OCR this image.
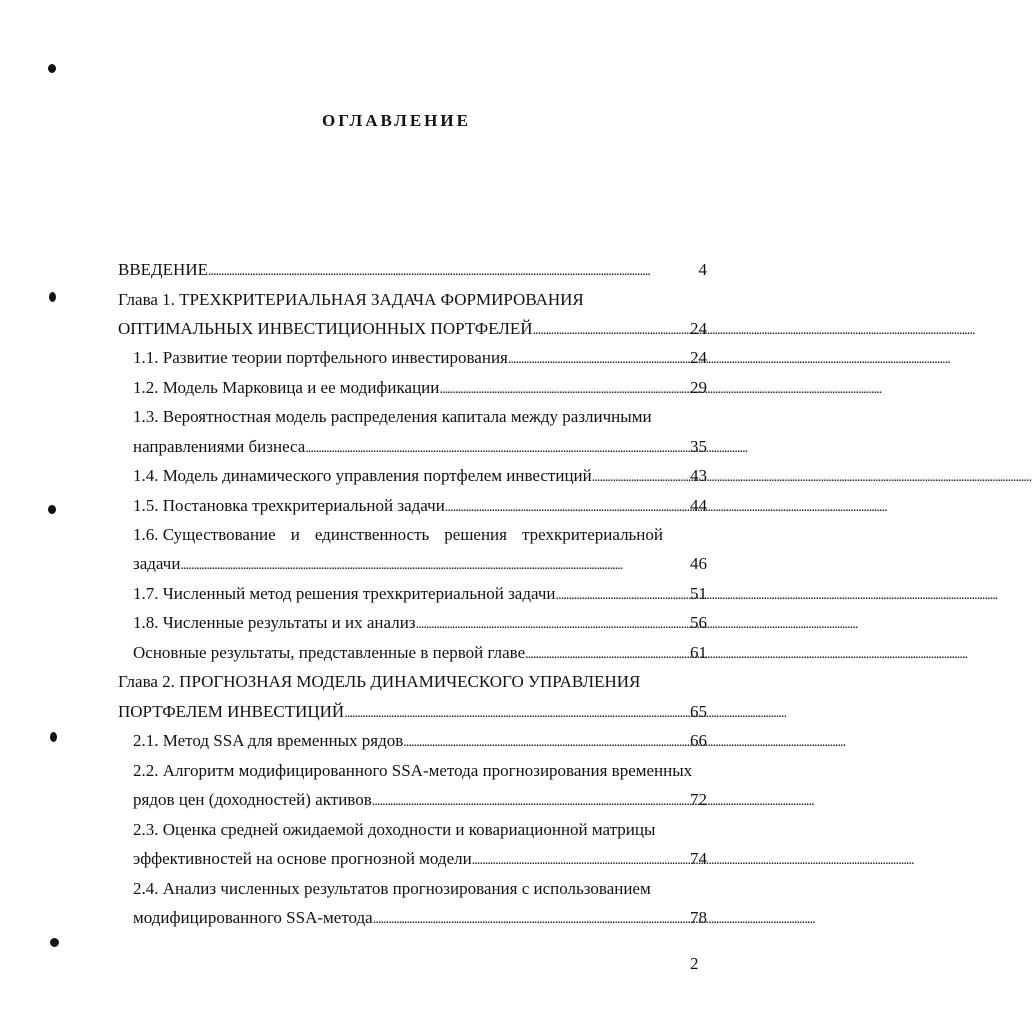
ОГЛАВЛЕНИЕ
ВВЕДЕНИЕ . . .	4
Глава 1. ТРЕХКРИТЕРИАЛЬНАЯ ЗАДАЧА ФОРМИРОВАНИЯ
ОПТИМАЛЬНЫХ ИНВЕСТИЦИОННЫХ ПОРТФЕЛЕЙ . . .	24
1.1. Развитие теории портфельного инвестирования . . .	24
1.2. Модель Марковица и ее модификации . . .	29
1.3. Вероятностная модель распределения капитала между различными
направлениями бизнеса . . .	35
1.4. Модель динамического управления портфелем инвестиций . . .	43
1.5. Постановка трехкритериальной задачи . . .	44
1.6. Существование и единственность решения трехкритериальной
задачи . . .	46
1.7. Численный метод решения трехкритериальной задачи . . .	51
1.8. Численные результаты и их анализ . . .	56
Основные результаты, представленные в первой главе . . .	61
Глава 2. ПРОГНОЗНАЯ МОДЕЛЬ ДИНАМИЧЕСКОГО УПРАВЛЕНИЯ
ПОРТФЕЛЕМ ИНВЕСТИЦИЙ . . .	65
2.1. Метод SSA для временных рядов . . .	66
2.2. Алгоритм модифицированного SSA-метода прогнозирования временных
рядов цен (доходностей) активов . . .	72
2.3. Оценка средней ожидаемой доходности и ковариационной матрицы
эффективностей на основе прогнозной модели . . .	74
2.4. Анализ численных результатов прогнозирования с использованием
модифицированного SSA-метода . . .	78
2
